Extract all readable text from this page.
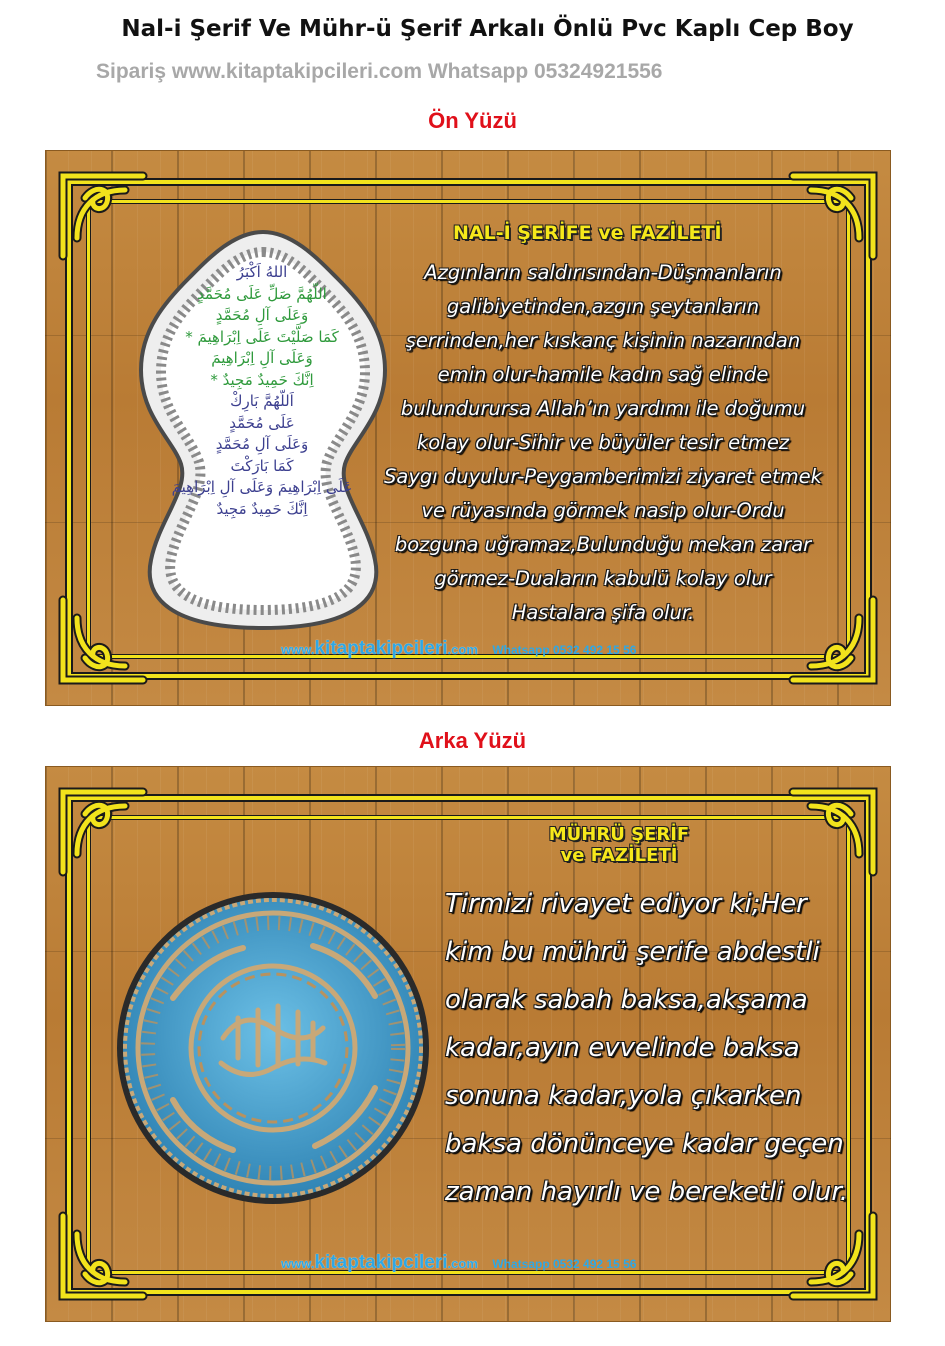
Nal-i Şerif Ve Mühr-ü Şerif Arkalı Önlü Pvc Kaplı Cep Boy
Sipariş www.kitaptakipcileri.com Whatsapp 05324921556
Ön Yüzü
اللهُ اَكْبَرُ
اللّهُمَّ صَلِّ عَلَى مُحَمَّدٍ
وَعَلَى آلِ مُحَمَّدٍ
كَمَا صَلَّيْتَ عَلَى اِبْرَاهِيمَ *
وَعَلَى آلِ اِبْرَاهِيمَ
اِنَّكَ حَمِيدٌ مَجِيدٌ *
اَللّهُمَّ بَارِكْ
عَلَى مُحَمَّدٍ
وَعَلَى آلِ مُحَمَّدٍ
كَمَا بَارَكْتَ
عَلَى اِبْرَاهِيمَ وَعَلَى آلِ اِبْرَاهِيمَ
اِنَّكَ حَمِيدٌ مَجِيدٌ
NAL-İ ŞERİFE ve FAZİLETİ
Azgınların saldırısından-Düşmanların
galibiyetinden,azgın şeytanların
şerrinden,her kıskanç kişinin nazarından
emin olur-hamile kadın sağ elinde
bulundurursa Allah’ın yardımı ile doğumu
kolay olur-Sihir ve büyüler tesir etmez
Saygı duyulur-Peygamberimizi ziyaret etmek
ve rüyasında görmek nasip olur-Ordu
bozguna uğramaz,Bulunduğu mekan zarar
görmez-Duaların kabulü kolay olur
Hastalara şifa olur.
www.kitaptakipcileri.com Whatsapp 0532 492 15 56
Arka Yüzü
MÜHRÜ ŞERİF
ve FAZİLETİ
Tirmizi rivayet ediyor ki;Her
kim bu mührü şerife abdestli
olarak sabah baksa,akşama
kadar,ayın evvelinde baksa
sonuna kadar,yola çıkarken
baksa dönünceye kadar geçen
zaman hayırlı ve bereketli olur.
www.kitaptakipcileri.com Whatsapp 0532 492 15 56
